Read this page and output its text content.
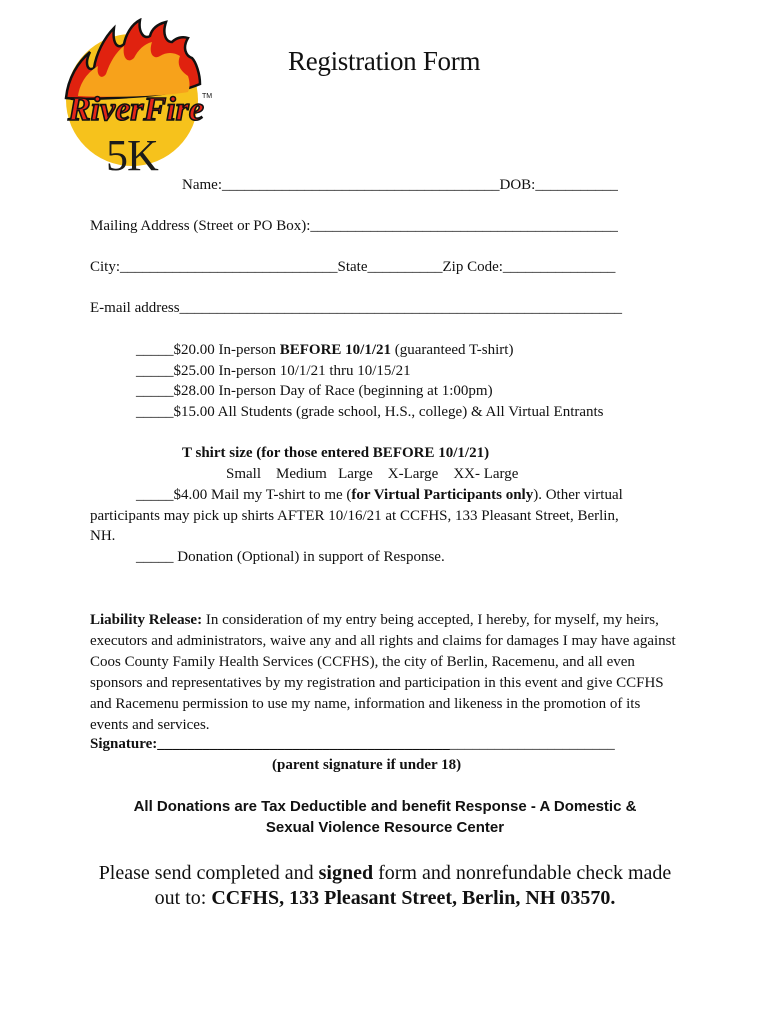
RiverFire
TM
5K
Registration Form
Name:_____________________________________DOB:___________
Mailing Address (Street or PO Box):_________________________________________
City:_____________________________State__________Zip Code:_______________
E-mail address___________________________________________________________
_____$20.00 In-person BEFORE 10/1/21 (guaranteed T-shirt)
_____$25.00 In-person 10/1/21 thru 10/15/21
_____$28.00 In-person Day of Race (beginning at 1:00pm)
_____$15.00 All Students (grade school, H.S., college) & All Virtual Entrants
T shirt size (for those entered BEFORE 10/1/21)
Small    Medium   Large    X-Large    XX- Large
_____$4.00 Mail my T-shirt to me (for Virtual Participants only). Other virtual
participants may pick up shirts AFTER 10/16/21 at CCFHS, 133 Pleasant Street, Berlin,
NH.
_____ Donation (Optional) in support of Response.
Liability Release: In consideration of my entry being accepted, I hereby, for myself, my heirs, executors and administrators, waive any and all rights and claims for damages I may have against Coos County Family Health Services (CCFHS), the city of Berlin, Racemenu, and all even sponsors and representatives by my registration and participation in this event and give CCFHS and Racemenu permission to use my name, information and likeness in the promotion of its events and services.
Signature:_____________________________________________________________
(parent signature if under 18)
All Donations are Tax Deductible and benefit Response - A Domestic &
Sexual Violence Resource Center
Please send completed and signed form and nonrefundable check made
out to: CCFHS, 133 Pleasant Street, Berlin, NH 03570.
